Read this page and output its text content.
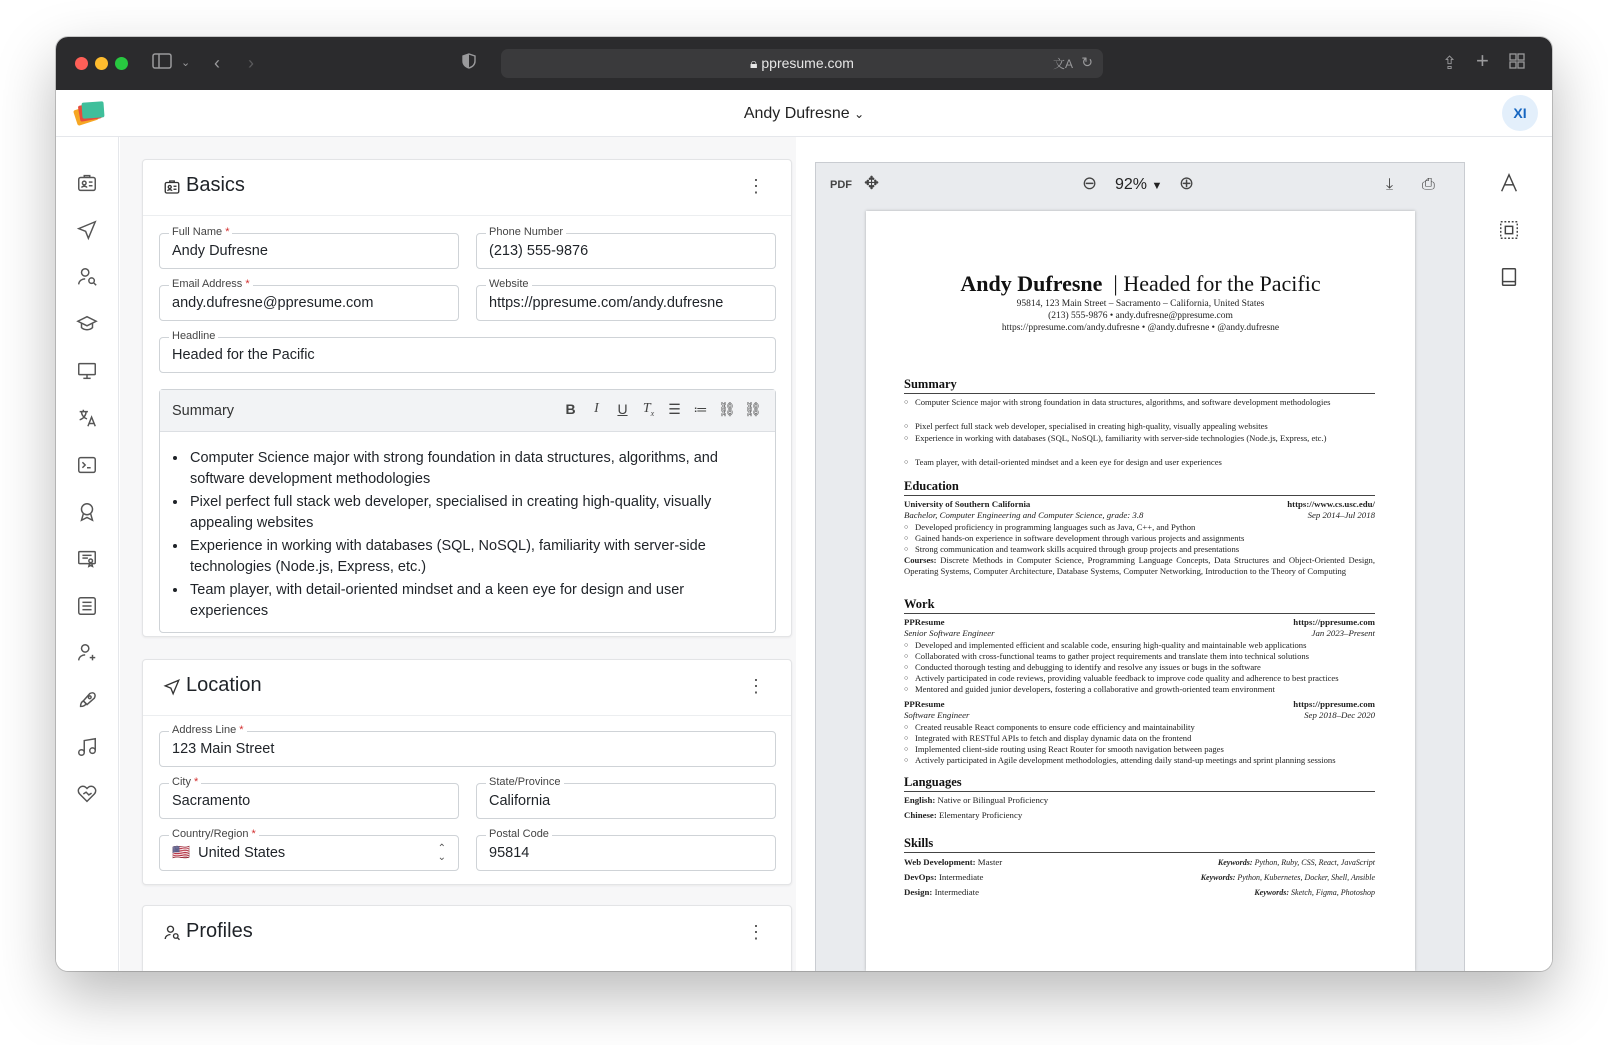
⌄ ‹ ›	🔒︎ ppresume.com	文A ↻	⇪ +
Andy Dufresne ⌄	XI
Basics	⋮
Full Name *
Andy Dufresne
Phone Number
(213) 555-9876
Email Address *
andy.dufresne@ppresume.com
Website
https://ppresume.com/andy.dufresne
Headline
Headed for the Pacific
Summary	B	I	U $T_x$ ☰ ≔ ⛓ ⛓
• Computer Science major with strong foundation in data structures, algorithms, and software development methodologies
• Pixel perfect full stack web developer, specialised in creating high-quality, visually appealing websites
• Experience in working with databases (SQL, NoSQL), familiarity with server-side technologies (Node.js, Express, etc.)
• Team player, with detail-oriented mindset and a keen eye for design and user experiences
Location	⋮
Address Line *
123 Main Street
City *
Sacramento
State/Province
California
Country/Region *
🇺🇸 United States	⌃
⌄
Postal Code
95814
Profiles	⋮
PDF ✥	⊖ 92% ▼ ⊕	⤓ ⎙
Andy Dufresne  | Headed for the Pacific
95814, 123 Main Street – Sacramento – California, United States
(213) 555-9876 • andy.dufresne@ppresume.com
https://ppresume.com/andy.dufresne • @andy.dufresne • @andy.dufresne
Summary
○ Computer Science major with strong foundation in data structures, algorithms, and software development methodologies
○ Pixel perfect full stack web developer, specialised in creating high-quality, visually appealing websites
○ Experience in working with databases (SQL, NoSQL), familiarity with server-side technologies (Node.js, Express, etc.)
○ Team player, with detail-oriented mindset and a keen eye for design and user experiences
Education
University of Southern California	https://www.cs.usc.edu/
Bachelor, Computer Engineering and Computer Science, grade: 3.8	Sep 2014–Jul 2018
○ Developed proficiency in programming languages such as Java, C++, and Python
○ Gained hands-on experience in software development through various projects and assignments
○ Strong communication and teamwork skills acquired through group projects and presentations
Courses: Discrete Methods in Computer Science, Programming Language Concepts, Data Structures and Object-Oriented Design, Operating Systems, Computer Architecture, Database Systems, Computer Networking, Introduction to the Theory of Computing
Work
PPResume	https://ppresume.com
Senior Software Engineer	Jan 2023–Present
○ Developed and implemented efficient and scalable code, ensuring high-quality and maintainable web applications
○ Collaborated with cross-functional teams to gather project requirements and translate them into technical solutions
○ Conducted thorough testing and debugging to identify and resolve any issues or bugs in the software
○ Actively participated in code reviews, providing valuable feedback to improve code quality and adherence to best practices
○ Mentored and guided junior developers, fostering a collaborative and growth-oriented team environment
PPResume	https://ppresume.com
Software Engineer	Sep 2018–Dec 2020
○ Created reusable React components to ensure code efficiency and maintainability
○ Integrated with RESTful APIs to fetch and display dynamic data on the frontend
○ Implemented client-side routing using React Router for smooth navigation between pages
○ Actively participated in Agile development methodologies, attending daily stand-up meetings and sprint planning sessions
Languages
English: Native or Bilingual Proficiency
Chinese: Elementary Proficiency
Skills
Web Development: Master	Keywords: Python, Ruby, CSS, React, JavaScript
DevOps: Intermediate	Keywords: Python, Kubernetes, Docker, Shell, Ansible
Design: Intermediate	Keywords: Sketch, Figma, Photoshop
